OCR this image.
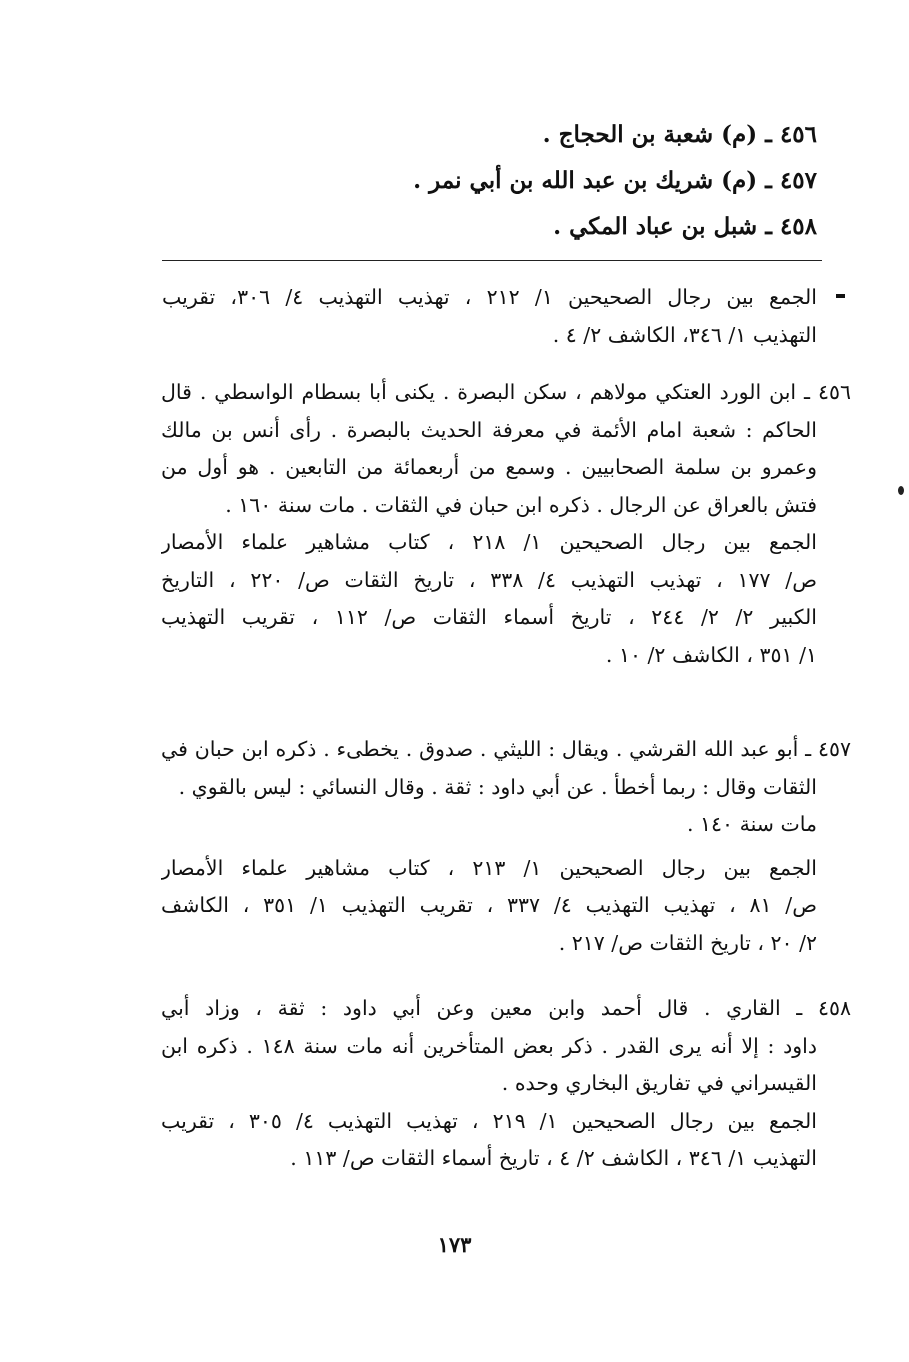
٤٥٦ ـ (م) شعبة بن الحجاج .
٤٥٧ ـ (م) شريك بن عبد الله بن أبي نمر .
٤٥٨ ـ شبل بن عباد المكي .
الجمع بين رجال الصحيحين ١/ ٢١٢ ، تهذيب التهذيب ٤/ ٣٠٦، تقريب
التهذيب ١/ ٣٤٦، الكاشف ٢/ ٤ .
٤٥٦ ـ ابن الورد العتكي مولاهم ، سكن البصرة . يكنى أبا بسطام الواسطي . قال
الحاكم : شعبة امام الأئمة في معرفة الحديث بالبصرة . رأى أنس بن مالك
وعمرو بن سلمة الصحابيين . وسمع من أربعمائة من التابعين . هو أول من
فتش بالعراق عن الرجال . ذكره ابن حبان في الثقات . مات سنة ١٦٠ .
الجمع بين رجال الصحيحين ١/ ٢١٨ ، كتاب مشاهير علماء الأمصار
ص/ ١٧٧ ، تهذيب التهذيب ٤/ ٣٣٨ ، تاريخ الثقات ص/ ٢٢٠ ، التاريخ
الكبير ٢/ ٢/ ٢٤٤ ، تاريخ أسماء الثقات ص/ ١١٢ ، تقريب التهذيب
١/ ٣٥١ ، الكاشف ٢/ ١٠ .
٤٥٧ ـ أبو عبد الله القرشي . ويقال : الليثي . صدوق . يخطىء . ذكره ابن حبان في
الثقات وقال : ربما أخطأ . عن أبي داود : ثقة . وقال النسائي : ليس بالقوي .
مات سنة ١٤٠ .
الجمع بين رجال الصحيحين ١/ ٢١٣ ، كتاب مشاهير علماء الأمصار
ص/ ٨١ ، تهذيب التهذيب ٤/ ٣٣٧ ، تقريب التهذيب ١/ ٣٥١ ، الكاشف
٢/ ٢٠ ، تاريخ الثقات ص/ ٢١٧ .
٤٥٨ ـ القاري . قال أحمد وابن معين وعن أبي داود : ثقة ، وزاد أبي
داود : إلا أنه يرى القدر . ذكر بعض المتأخرين أنه مات سنة ١٤٨ . ذكره ابن
القيسراني في تفاريق البخاري وحده .
الجمع بين رجال الصحيحين ١/ ٢١٩ ، تهذيب التهذيب ٤/ ٣٠٥ ، تقريب
التهذيب ١/ ٣٤٦ ، الكاشف ٢/ ٤ ، تاريخ أسماء الثقات ص/ ١١٣ .
١٧٣
